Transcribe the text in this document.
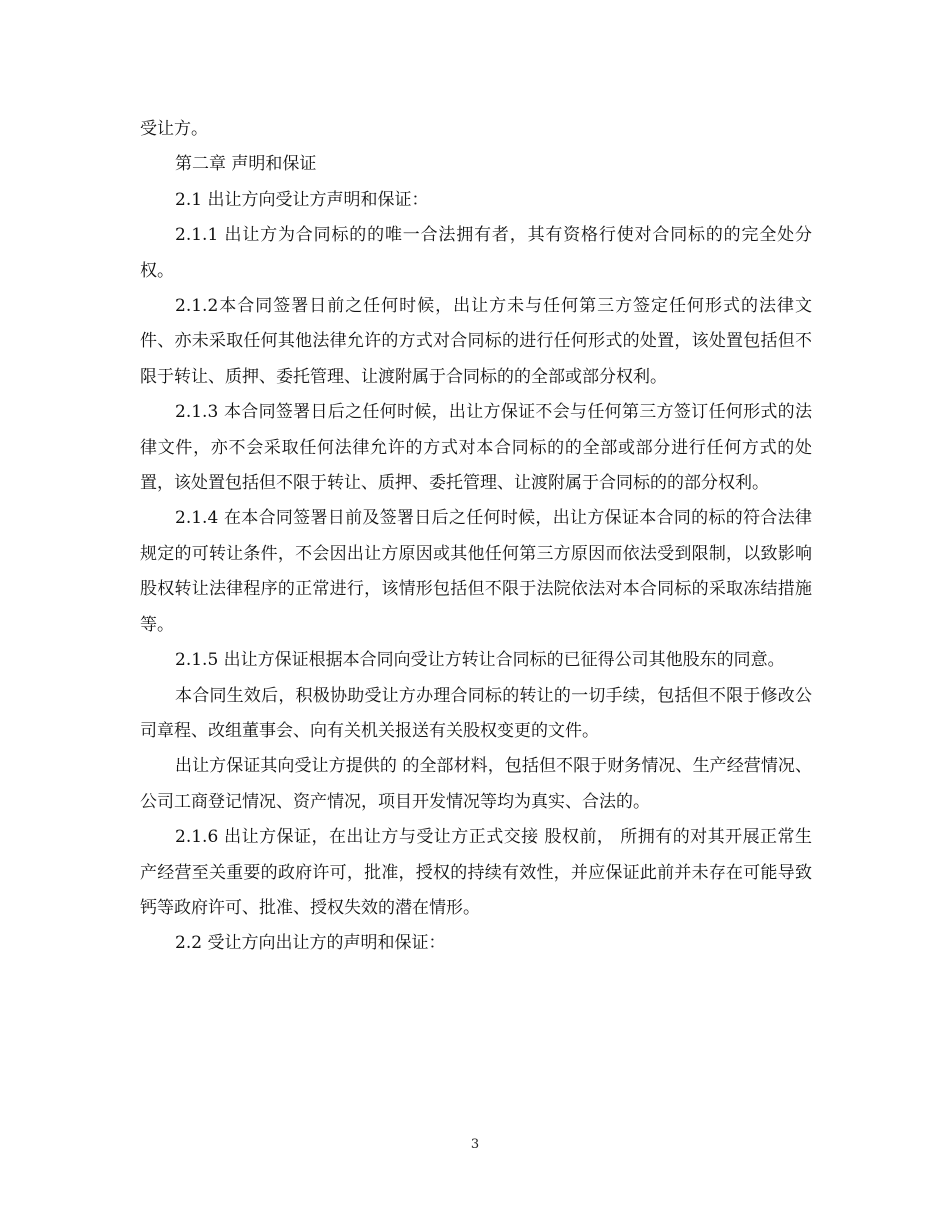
受让方。

第二章 声明和保证

2.1 出让方向受让方声明和保证：

2.1.1 出让方为合同标的的唯一合法拥有者，其有资格行使对合同标的的完全处分权。

2.1.2本合同签署日前之任何时候，出让方未与任何第三方签定任何形式的法律文件、亦未采取任何其他法律允许的方式对合同标的进行任何形式的处置，该处置包括但不限于转让、质押、委托管理、让渡附属于合同标的的全部或部分权利。

2.1.3 本合同签署日后之任何时候，出让方保证不会与任何第三方签订任何形式的法律文件，亦不会采取任何法律允许的方式对本合同标的的全部或部分进行任何方式的处置，该处置包括但不限于转让、质押、委托管理、让渡附属于合同标的的部分权利。

2.1.4 在本合同签署日前及签署日后之任何时候，出让方保证本合同的标的符合法律规定的可转让条件，不会因出让方原因或其他任何第三方原因而依法受到限制，以致影响股权转让法律程序的正常进行，该情形包括但不限于法院依法对本合同标的采取冻结措施等。

2.1.5 出让方保证根据本合同向受让方转让合同标的已征得公司其他股东的同意。

本合同生效后，积极协助受让方办理合同标的转让的一切手续，包括但不限于修改公司章程、改组董事会、向有关机关报送有关股权变更的文件。

出让方保证其向受让方提供的 的全部材料，包括但不限于财务情况、生产经营情况、公司工商登记情况、资产情况，项目开发情况等均为真实、合法的。

2.1.6 出让方保证，在出让方与受让方正式交接 股权前， 所拥有的对其开展正常生产经营至关重要的政府许可，批准，授权的持续有效性，并应保证此前并未存在可能导致钙等政府许可、批准、授权失效的潜在情形。

2.2 受让方向出让方的声明和保证：

3
